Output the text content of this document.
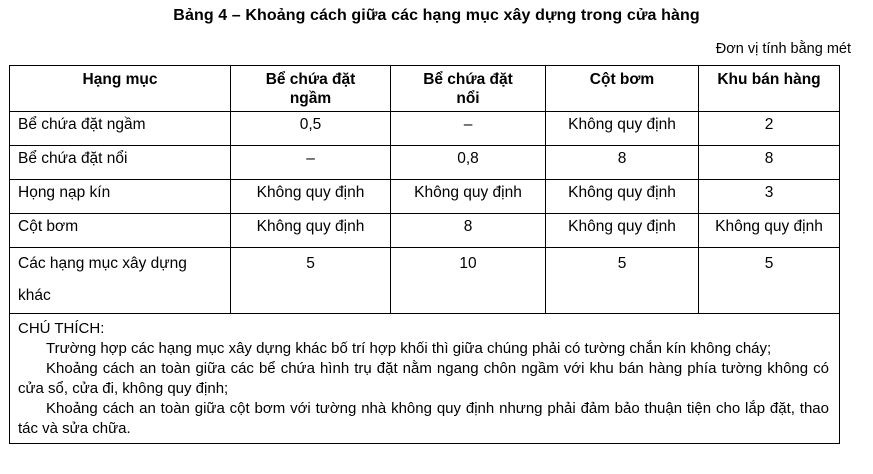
Bảng 4 – Khoảng cách giữa các hạng mục xây dựng trong cửa hàng
Đơn vị tính bằng mét
Hạng mục	Bể chứa đặt ngầm	Bể chứa đặt nổi	Cột bơm	Khu bán hàng
Bể chứa đặt ngầm	0,5	–	Không quy định	2
Bể chứa đặt nổi	–	0,8	8	8
Họng nạp kín	Không quy định	Không quy định	Không quy định	3
Cột bơm	Không quy định	8	Không quy định	Không quy định

Các hạng mục xây dựng khác	5	10	5	5

CHÚ THÍCH:

Trường hợp các hạng mục xây dựng khác bố trí hợp khối thì giữa chúng phải có tường chắn kín không cháy;

Khoảng cách an toàn giữa các bể chứa hình trụ đặt nằm ngang chôn ngầm với khu bán hàng phía tường không có cửa sổ, cửa đi, không quy định;

Khoảng cách an toàn giữa cột bơm với tường nhà không quy định nhưng phải đảm bảo thuận tiện cho lắp đặt, thao tác và sửa chữa.				
